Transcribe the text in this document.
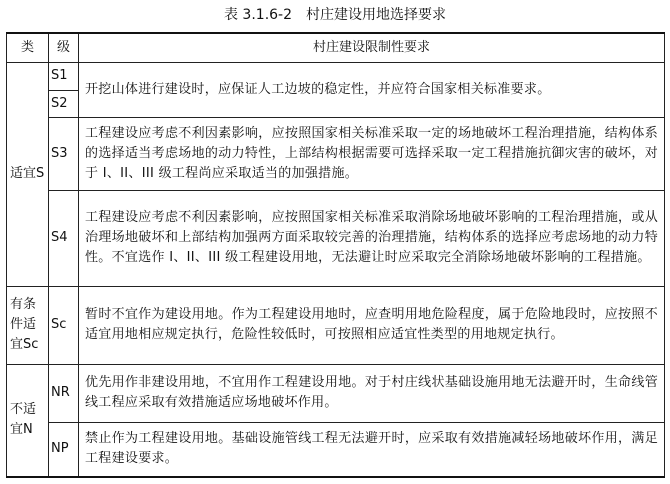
表 3.1.6-2　村庄建设用地选择要求
类	级	村庄建设限制性要求

适宜S	S1	开挖山体进行建设时，应保证人工边坡的稳定性，并应符合国家相关标准要求。
	S2	
	S3	工程建设应考虑不利因素影响，应按照国家相关标准采取一定的场地破坏工程治理措施，结构体系的选择适当考虑场地的动力特性，上部结构根据需要可选择采取一定工程措施抗御灾害的破坏，对于 I、II、III 级工程尚应采取适当的加强措施。
	S4	工程建设应考虑不利因素影响，应按照国家相关标准采取消除场地破坏影响的工程治理措施，或从治理场地破坏和上部结构加强两方面采取较完善的治理措施，结构体系的选择应考虑场地的动力特性。不宜选作 I、II、III 级工程建设用地，无法避让时应采取完全消除场地破坏影响的工程措施。

有条件适宜Sc	Sc	暂时不宜作为建设用地。作为工程建设用地时，应查明用地危险程度，属于危险地段时，应按照不适宜用地相应规定执行，危险性较低时，可按照相应适宜性类型的用地规定执行。

不适宜N	NR	优先用作非建设用地，不宜用作工程建设用地。对于村庄线状基础设施用地无法避开时，生命线管线工程应采取有效措施适应场地破坏作用。
	NP	禁止作为工程建设用地。基础设施管线工程无法避开时，应采取有效措施减轻场地破坏作用，满足工程建设要求。
